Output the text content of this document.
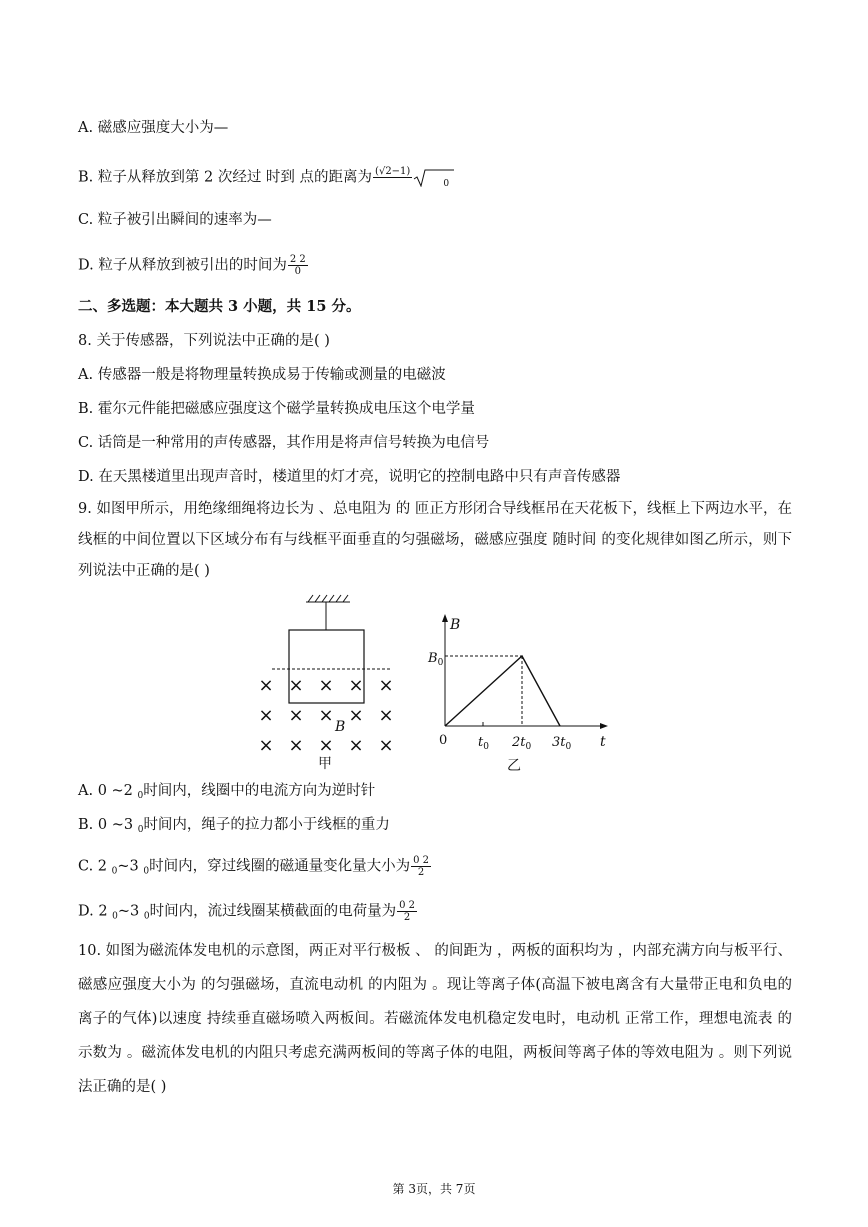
A. 磁感应强度大小为—
B. 粒子从释放到第 2 次经过 时到 点的距离为 (√2−1)

0
C. 粒子被引出瞬间的速率为—
D. 粒子从释放到被引出的时间为 $\frac{2 2}{0}$
二、多选题：本大题共 3 小题，共 15 分。
8. 关于传感器，下列说法中正确的是( )
A. 传感器一般是将物理量转换成易于传输或测量的电磁波
B. 霍尔元件能把磁感应强度这个磁学量转换成电压这个电学量
C. 话筒是一种常用的声传感器，其作用是将声信号转换为电信号
D. 在天黑楼道里出现声音时，楼道里的灯才亮，说明它的控制电路中只有声音传感器
9. 如图甲所示，用绝缘细绳将边长为 、总电阻为 的 匝正方形闭合导线框吊在天花板下，线框上下两边水平，在线框的中间位置以下区域分布有与线框平面垂直的匀强磁场，磁感应强度 随时间 的变化规律如图乙所示，则下列说法中正确的是( )
× × × × ×
× × × × ×
× × × × ×
B
甲
B
t
0
$B_0$
$t_0$ $2t_0$ $3t_0$
乙
A. 0 ~2 $_0$时间内，线圈中的电流方向为逆时针
B. 0 ~3 $_0$时间内，绳子的拉力都小于线框的重力
C. 2 $_0$~3 $_0$时间内，穿过线圈的磁通量变化量大小为 $\frac{0 2}{2}$
D. 2 $_0$~3 $_0$时间内，流过线圈某横截面的电荷量为 $\frac{0 2}{2}$
10. 如图为磁流体发电机的示意图，两正对平行极板 、 的间距为 ，两板的面积均为 ，内部充满方向与板平行、磁感应强度大小为 的匀强磁场，直流电动机 的内阻为 。现让等离子体(高温下被电离含有大量带正电和负电的离子的气体)以速度 持续垂直磁场喷入两板间。若磁流体发电机稳定发电时，电动机 正常工作，理想电流表 的示数为 。磁流体发电机的内阻只考虑充满两板间的等离子体的电阻，两板间等离子体的等效电阻为 。则下列说法正确的是( )
第 3页，共 7页
